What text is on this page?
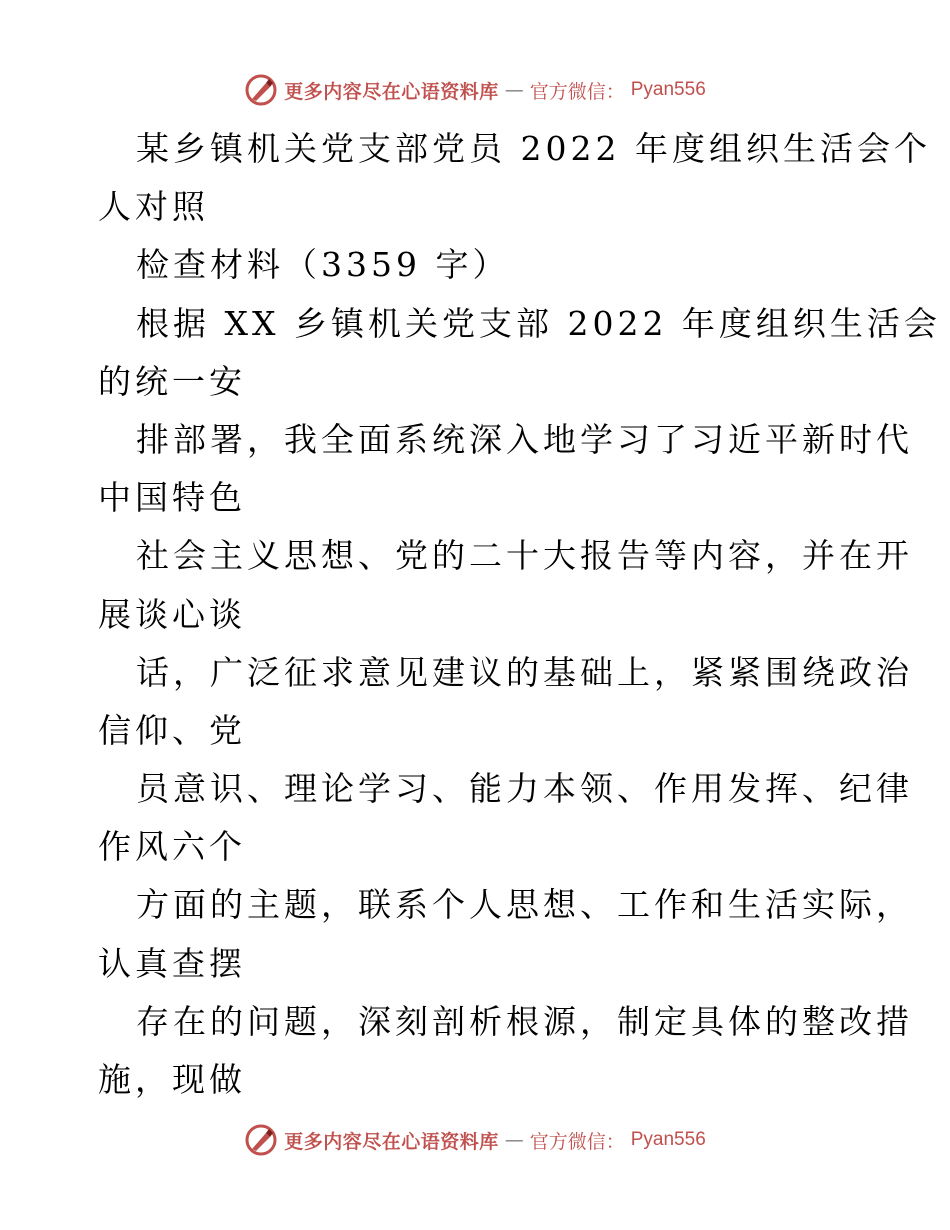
更多内容尽在心语资料库 — 官方微信： Pyan556
某乡镇机关党支部党员 2022 年度组织生活会个
人对照
检查材料（3359 字）
根据 XX 乡镇机关党支部 2022 年度组织生活会
的统一安
排部署，我全面系统深入地学习了习近平新时代
中国特色
社会主义思想、党的二十大报告等内容，并在开
展谈心谈
话，广泛征求意见建议的基础上，紧紧围绕政治
信仰、党
员意识、理论学习、能力本领、作用发挥、纪律
作风六个
方面的主题，联系个人思想、工作和生活实际，
认真查摆
存在的问题，深刻剖析根源，制定具体的整改措
施，现做
更多内容尽在心语资料库 — 官方微信： Pyan556
